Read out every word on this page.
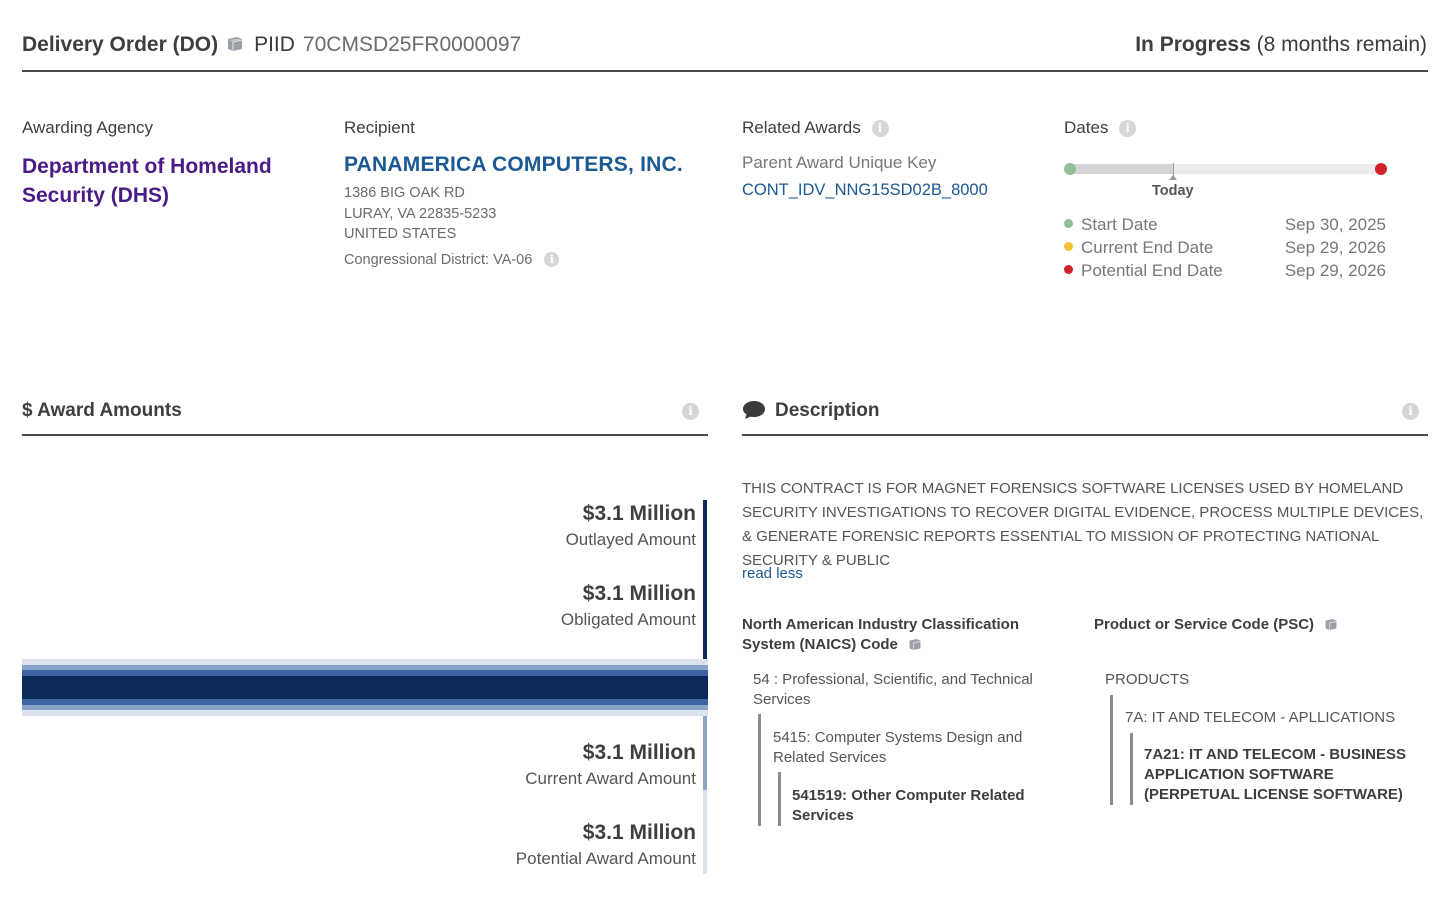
Delivery Order (DO) PIID 70CMSD25FR0000097	In Progress (8 months remain)
Awarding Agency
Department of Homeland Security (DHS)
Recipient
PANAMERICA COMPUTERS, INC.
1386 BIG OAK RD
LURAY, VA 22835-5233
UNITED STATES
Congressional District: VA-06 i
Related Awards i
Parent Award Unique Key
CONT_IDV_NNG15SD02B_8000
Dates i
Today
Start Date	Sep 30, 2025
Current End Date	Sep 29, 2026
Potential End Date	Sep 29, 2026
$ Award Amounts	i
$3.1 Million
Outlayed Amount
$3.1 Million
Obligated Amount
$3.1 Million
Current Award Amount
$3.1 Million
Potential Award Amount
Description	i
THIS CONTRACT IS FOR MAGNET FORENSICS SOFTWARE LICENSES USED BY HOMELAND SECURITY INVESTIGATIONS TO RECOVER DIGITAL EVIDENCE, PROCESS MULTIPLE DEVICES, & GENERATE FORENSIC REPORTS ESSENTIAL TO MISSION OF PROTECTING NATIONAL SECURITY & PUBLIC
read less
North American Industry Classification System (NAICS) Code
54 : Professional, Scientific, and Technical Services
5415: Computer Systems Design and Related Services
541519: Other Computer Related Services
Product or Service Code (PSC)
PRODUCTS
7A: IT AND TELECOM - APLLICATIONS
7A21: IT AND TELECOM - BUSINESS APPLICATION SOFTWARE (PERPETUAL LICENSE SOFTWARE)
